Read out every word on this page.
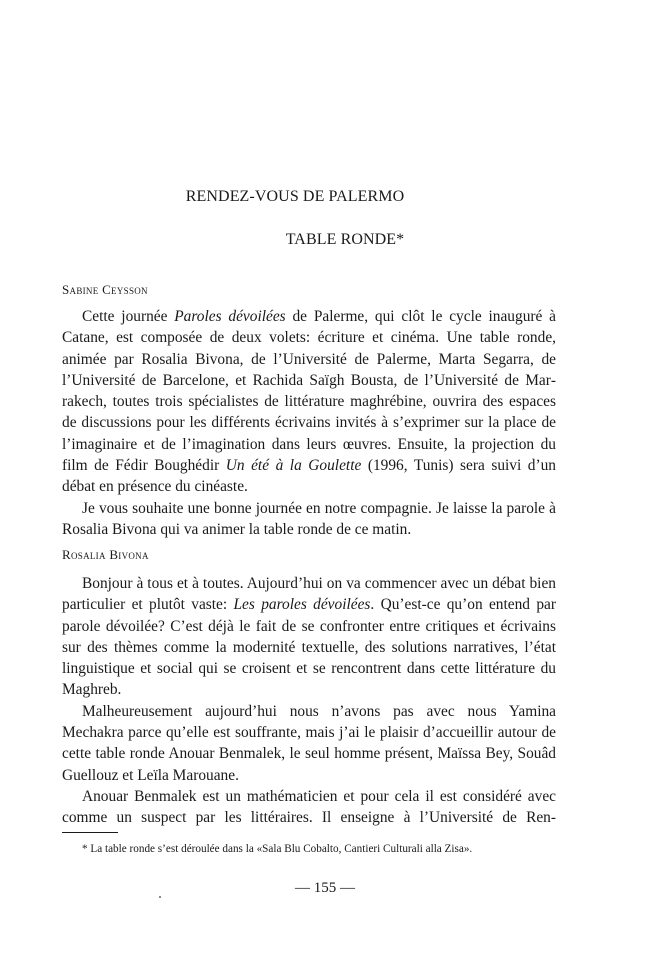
RENDEZ-VOUS DE PALERMO
TABLE RONDE*
Sabine Ceysson

Cette journée Paroles dévoilées de Palerme, qui clôt le cycle inauguré à Catane, est composée de deux volets: écriture et cinéma. Une table ronde, animée par Rosalia Bivona, de l’Université de Palerme, Marta Segarra, de l’Université de Barcelone, et Rachida Saïgh Bousta, de l’Université de Marrakech, toutes trois spécialistes de littérature maghrébine, ouvrira des espaces de discussions pour les différents écrivains invités à s’exprimer sur la place de l’imaginaire et de l’imagination dans leurs œuvres. Ensuite, la projection du film de Fédir Boughédir Un été à la Goulette (1996, Tunis) sera suivi d’un débat en présence du cinéaste.

Je vous souhaite une bonne journée en notre compagnie. Je laisse la parole à Rosalia Bivona qui va animer la table ronde de ce matin.

Rosalia Bivona

Bonjour à tous et à toutes. Aujourd’hui on va commencer avec un débat bien particulier et plutôt vaste: Les paroles dévoilées. Qu’est-ce qu’on entend par parole dévoilée? C’est déjà le fait de se confronter entre critiques et écrivains sur des thèmes comme la modernité textuelle, des solutions narratives, l’état linguistique et social qui se croisent et se rencontrent dans cette littérature du Maghreb.

Malheureusement aujourd’hui nous n’avons pas avec nous Yamina Mechakra parce qu’elle est souffrante, mais j’ai le plaisir d’accueillir autour de cette table ronde Anouar Benmalek, le seul homme présent, Maïssa Bey, Souâd Guellouz et Leïla Marouane.

Anouar Benmalek est un mathématicien et pour cela il est considéré avec comme un suspect par les littéraires. Il enseigne à l’Université de Ren-

* La table ronde s’est déroulée dans la «Sala Blu Cobalto, Cantieri Culturali alla Zisa».
— 155 —
